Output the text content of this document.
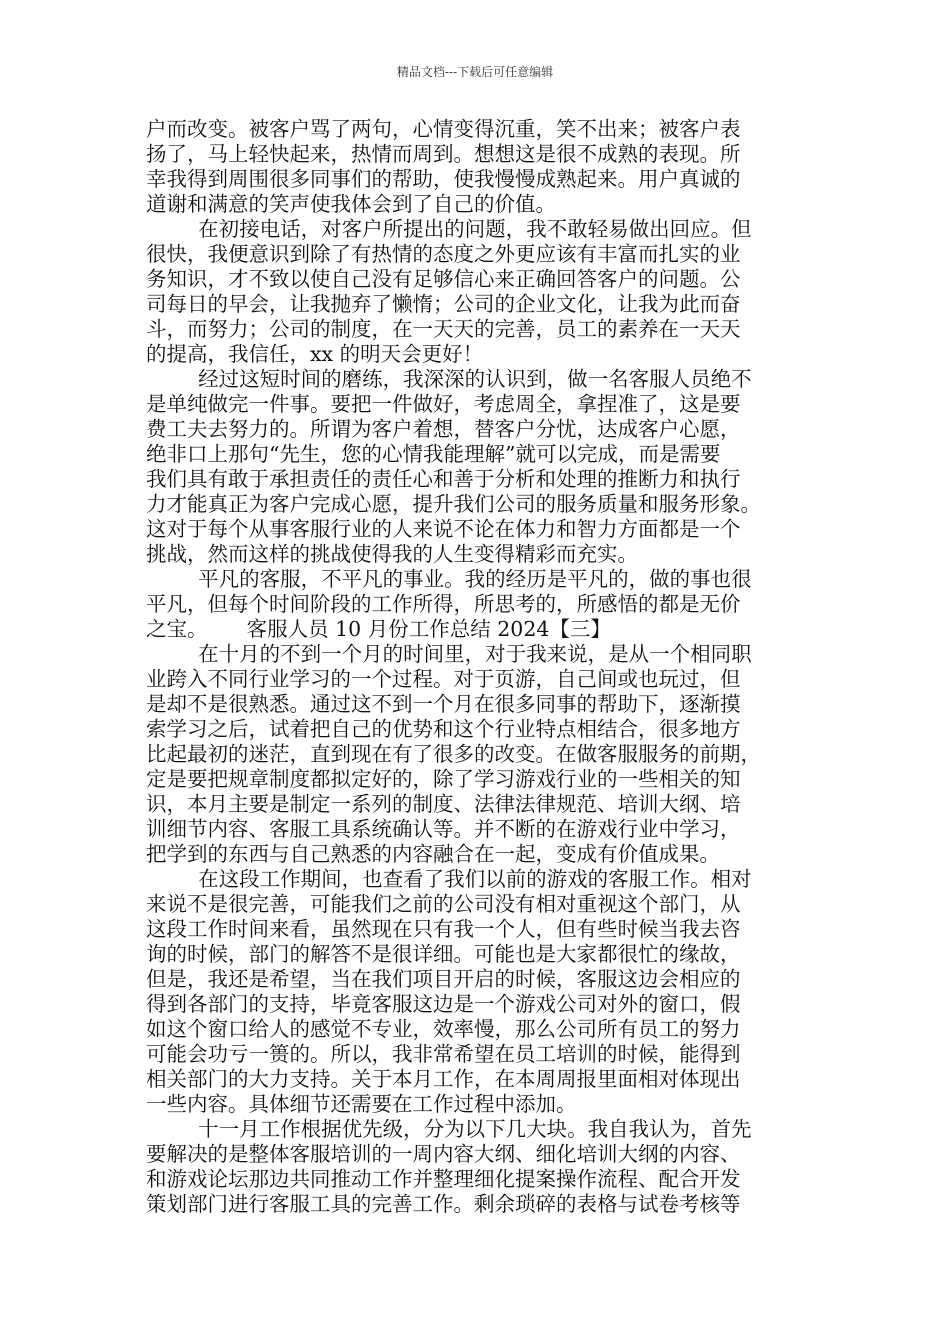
精品文档---下载后可任意编辑
户而改变。被客户骂了两句，心情变得沉重，笑不出来；被客户表
扬了，马上轻快起来，热情而周到。想想这是很不成熟的表现。所
幸我得到周围很多同事们的帮助，使我慢慢成熟起来。用户真诚的
道谢和满意的笑声使我体会到了自己的价值。
在初接电话，对客户所提出的问题，我不敢轻易做出回应。但
很快，我便意识到除了有热情的态度之外更应该有丰富而扎实的业
务知识，才不致以使自己没有足够信心来正确回答客户的问题。公
司每日的早会，让我抛弃了懒惰；公司的企业文化，让我为此而奋
斗，而努力；公司的制度，在一天天的完善，员工的素养在一天天
的提高，我信任，xx 的明天会更好！
经过这短时间的磨练，我深深的认识到，做一名客服人员绝不
是单纯做完一件事。要把一件做好，考虑周全，拿捏准了，这是要
费工夫去努力的。所谓为客户着想，替客户分忧，达成客户心愿，
绝非口上那句“先生，您的心情我能理解”就可以完成，而是需要
我们具有敢于承担责任的责任心和善于分析和处理的推断力和执行
力才能真正为客户完成心愿，提升我们公司的服务质量和服务形象。
这对于每个从事客服行业的人来说不论在体力和智力方面都是一个
挑战，然而这样的挑战使得我的人生变得精彩而充实。
平凡的客服，不平凡的事业。我的经历是平凡的，做的事也很
平凡，但每个时间阶段的工作所得，所思考的，所感悟的都是无价
之宝。      客服人员 10 月份工作总结 2024【三】
在十月的不到一个月的时间里，对于我来说，是从一个相同职
业跨入不同行业学习的一个过程。对于页游，自己间或也玩过，但
是却不是很熟悉。通过这不到一个月在很多同事的帮助下，逐渐摸
索学习之后，试着把自己的优势和这个行业特点相结合，很多地方
比起最初的迷茫，直到现在有了很多的改变。在做客服服务的前期，
定是要把规章制度都拟定好的，除了学习游戏行业的一些相关的知
识，本月主要是制定一系列的制度、法律法律规范、培训大纲、培
训细节内容、客服工具系统确认等。并不断的在游戏行业中学习，
把学到的东西与自己熟悉的内容融合在一起，变成有价值成果。
在这段工作期间，也查看了我们以前的游戏的客服工作。相对
来说不是很完善，可能我们之前的公司没有相对重视这个部门，从
这段工作时间来看，虽然现在只有我一个人，但有些时候当我去咨
询的时候，部门的解答不是很详细。可能也是大家都很忙的缘故，
但是，我还是希望，当在我们项目开启的时候，客服这边会相应的
得到各部门的支持，毕竟客服这边是一个游戏公司对外的窗口，假
如这个窗口给人的感觉不专业，效率慢，那么公司所有员工的努力
可能会功亏一篑的。所以，我非常希望在员工培训的时候，能得到
相关部门的大力支持。关于本月工作，在本周周报里面相对体现出
一些内容。具体细节还需要在工作过程中添加。
十一月工作根据优先级，分为以下几大块。我自我认为，首先
要解决的是整体客服培训的一周内容大纲、细化培训大纲的内容、
和游戏论坛那边共同推动工作并整理细化提案操作流程、配合开发
策划部门进行客服工具的完善工作。剩余琐碎的表格与试卷考核等
